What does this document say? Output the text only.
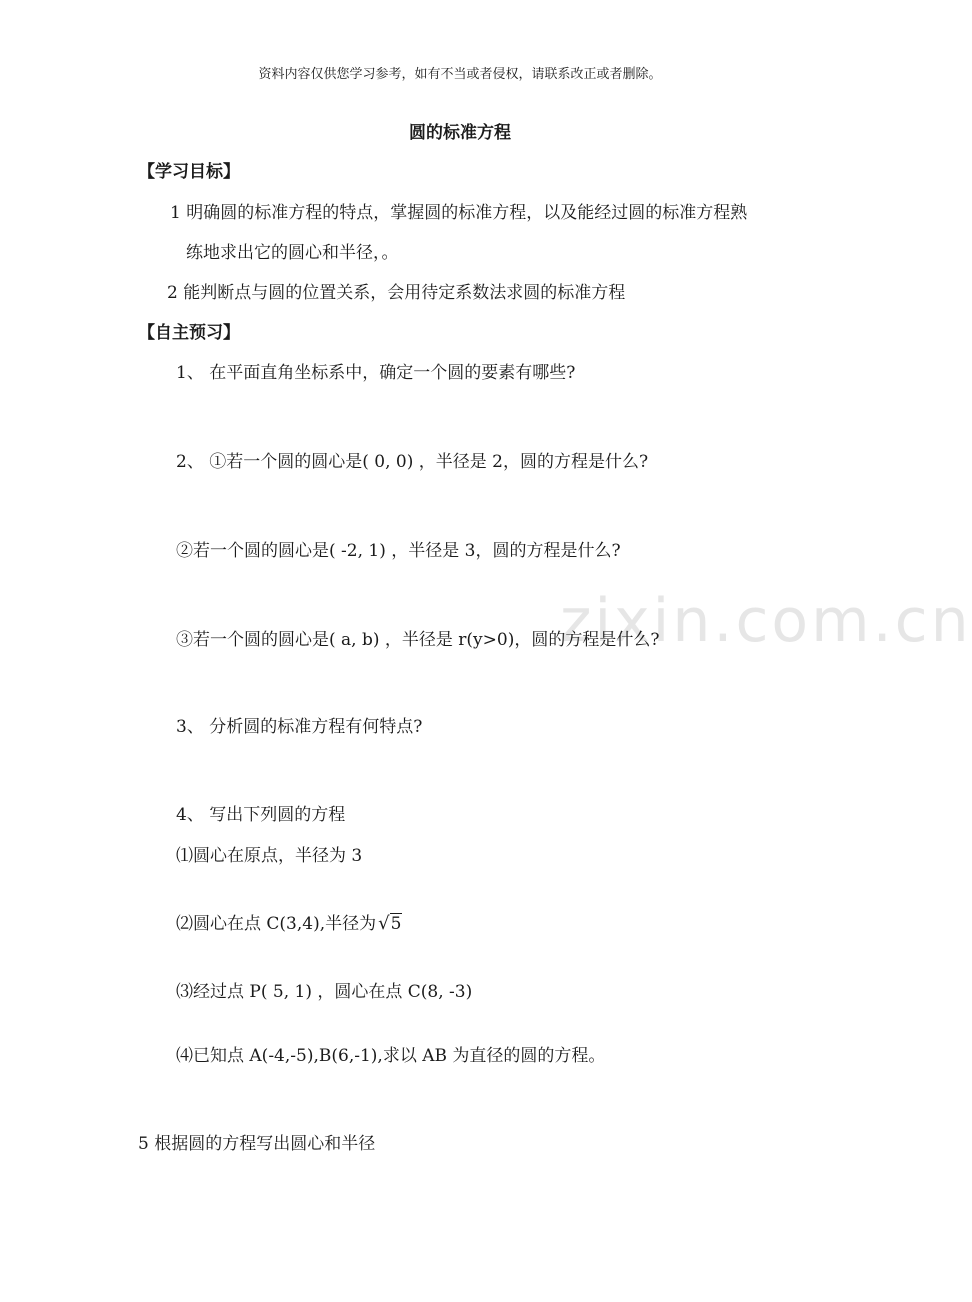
zixin.com.cn
资料内容仅供您学习参考，如有不当或者侵权，请联系改正或者删除。
圆的标准方程
【学习目标】
1 明确圆的标准方程的特点，掌握圆的标准方程，以及能经过圆的标准方程熟
练地求出它的圆心和半径，。
2 能判断点与圆的位置关系，会用待定系数法求圆的标准方程
【自主预习】
1、 在平面直角坐标系中，确定一个圆的要素有哪些?
2、 ①若一个圆的圆心是( 0, 0) ，半径是 2，圆的方程是什么?
②若一个圆的圆心是( -2, 1) ，半径是 3，圆的方程是什么?
③若一个圆的圆心是( a, b) ，半径是 r(y>0)，圆的方程是什么?
3、 分析圆的标准方程有何特点?
4、 写出下列圆的方程
⑴圆心在原点，半径为 3
⑵圆心在点 C(3,4),半径为 √5
⑶经过点 P( 5, 1) ，圆心在点 C(8, -3)
⑷已知点 A(-4,-5),B(6,-1),求以 AB 为直径的圆的方程。
5 根据圆的方程写出圆心和半径
